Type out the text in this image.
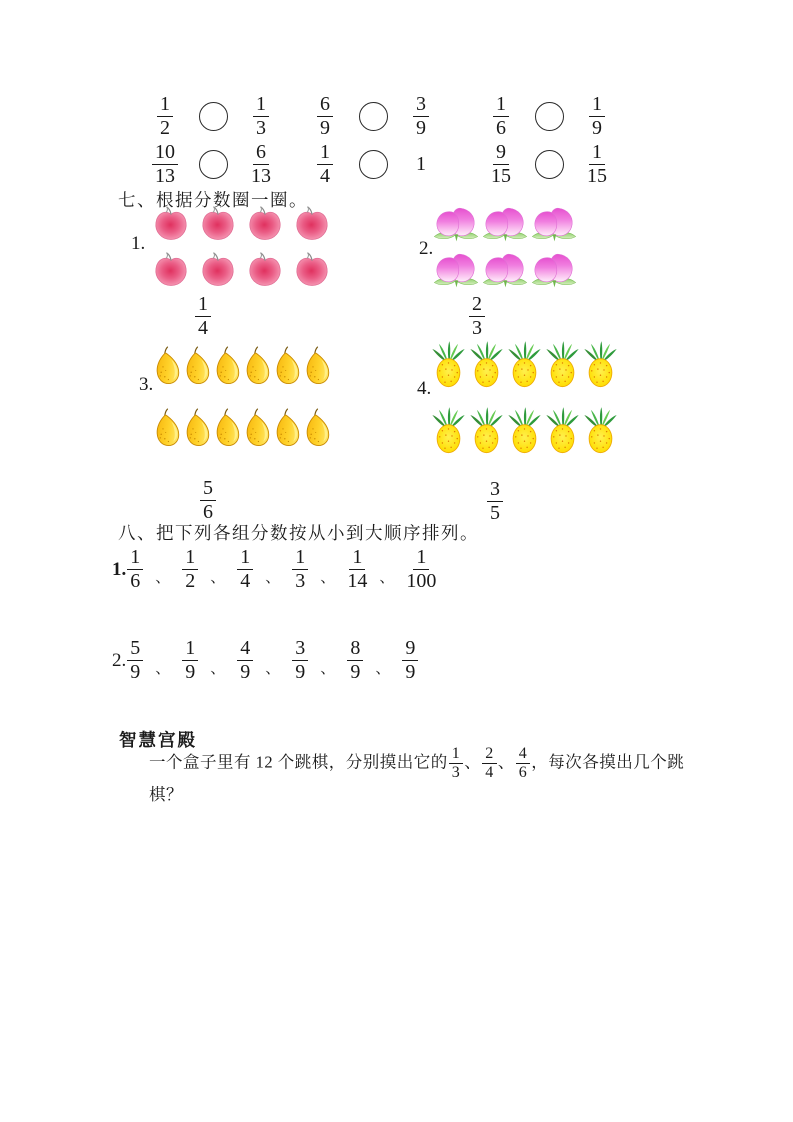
$\frac{1}{2}$	$\frac{1}{3}$
$\frac{10}{13}$	$\frac{6}{13}$
$\frac{6}{9}$	$\frac{3}{9}$
$\frac{1}{4}$	1
$\frac{1}{6}$	$\frac{1}{9}$
$\frac{9}{15}$	$\frac{1}{15}$
七、根据分数圈一圈。
1.
$\frac{1}{4}$
2.
$\frac{2}{3}$
3.
$\frac{5}{6}$
4.
$\frac{3}{5}$
八、把下列各组分数按从小到大顺序排列。
1. $\frac{1}{6}$ 、 $\frac{1}{2}$ 、 $\frac{1}{4}$ 、 $\frac{1}{3}$ 、 $\frac{1}{14}$ 、 $\frac{1}{100}$
2. $\frac{5}{9}$ 、 $\frac{1}{9}$ 、 $\frac{4}{9}$ 、 $\frac{3}{9}$ 、 $\frac{8}{9}$ 、 $\frac{9}{9}$
智慧宫殿
一个盒子里有 12 个跳棋，分别摸出它的 $\frac{1}{3}$ 、 $\frac{2}{4}$ 、 $\frac{4}{6}$ ，每次各摸出几个跳棋？
